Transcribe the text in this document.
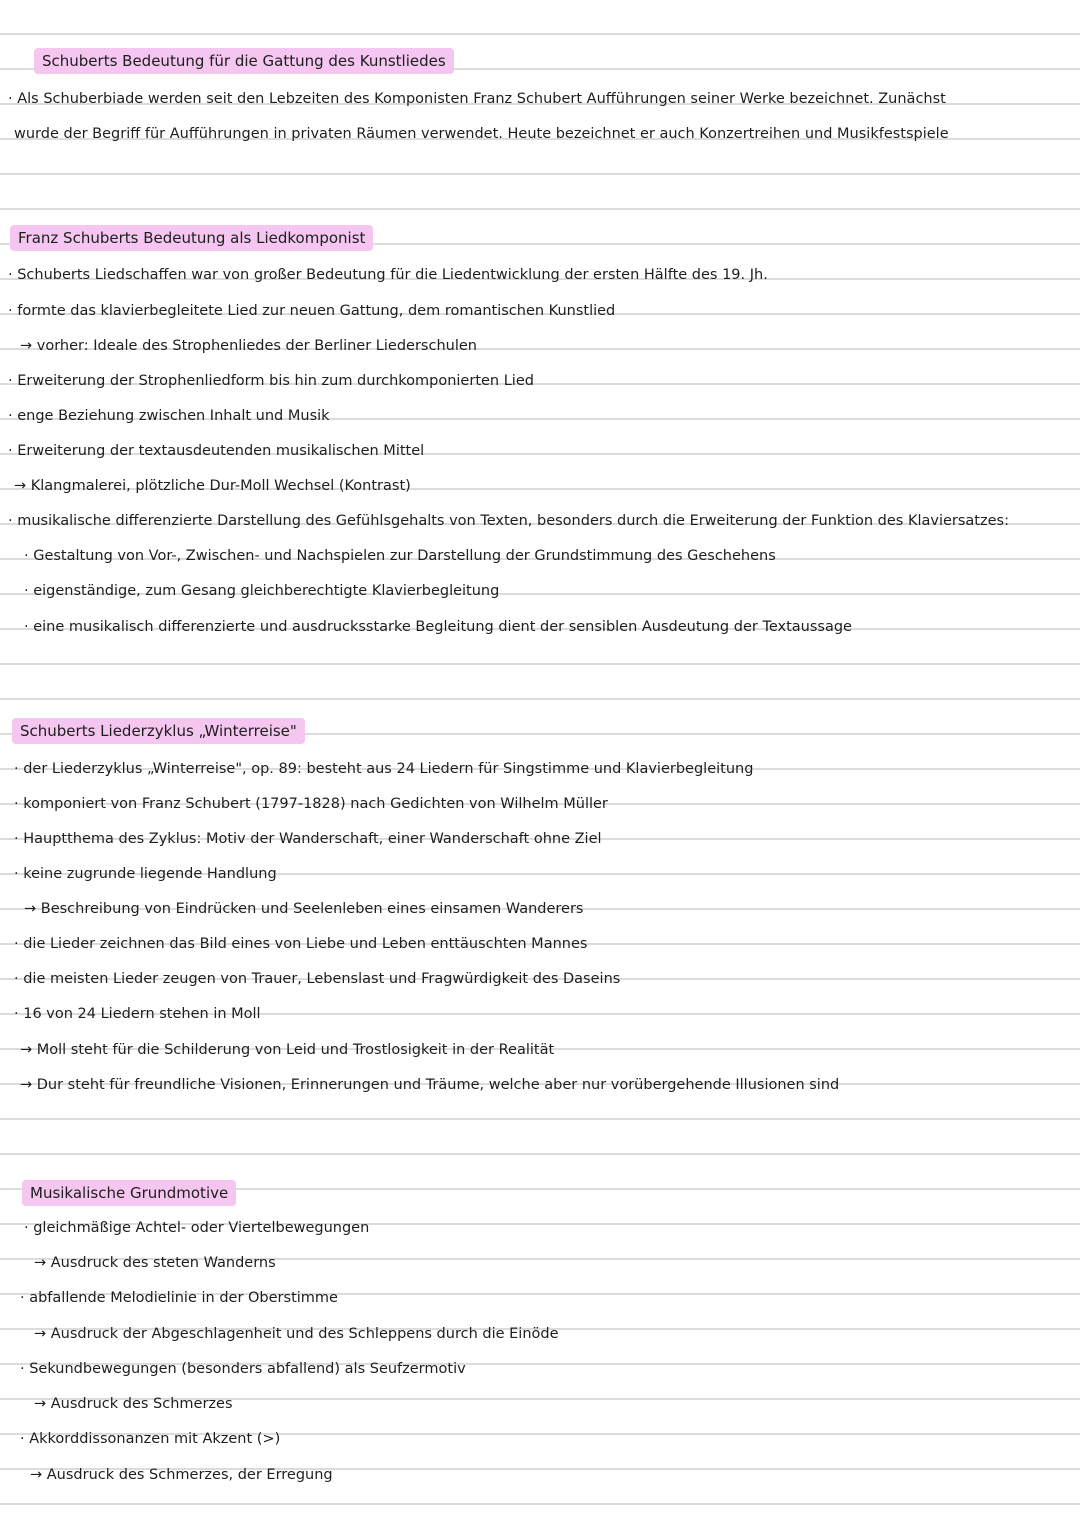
Schuberts Bedeutung für die Gattung des Kunstliedes
· Als Schuberbiade werden seit den Lebzeiten des Komponisten Franz Schubert Aufführungen seiner Werke bezeichnet. Zunächst
wurde der Begriff für Aufführungen in privaten Räumen verwendet. Heute bezeichnet er auch Konzertreihen und Musikfestspiele
Franz Schuberts Bedeutung als Liedkomponist
· Schuberts Liedschaffen war von großer Bedeutung für die Liedentwicklung der ersten Hälfte des 19. Jh.
· formte das klavierbegleitete Lied zur neuen Gattung, dem romantischen Kunstlied
→ vorher: Ideale des Strophenliedes der Berliner Liederschulen
· Erweiterung der Strophenliedform bis hin zum durchkomponierten Lied
· enge Beziehung zwischen Inhalt und Musik
· Erweiterung der textausdeutenden musikalischen Mittel
→ Klangmalerei, plötzliche Dur-Moll Wechsel (Kontrast)
· musikalische differenzierte Darstellung des Gefühlsgehalts von Texten, besonders durch die Erweiterung der Funktion des Klaviersatzes:
· Gestaltung von Vor-, Zwischen- und Nachspielen zur Darstellung der Grundstimmung des Geschehens
· eigenständige, zum Gesang gleichberechtigte Klavierbegleitung
· eine musikalisch differenzierte und ausdrucksstarke Begleitung dient der sensiblen Ausdeutung der Textaussage
Schuberts Liederzyklus „Winterreise"
· der Liederzyklus „Winterreise", op. 89: besteht aus 24 Liedern für Singstimme und Klavierbegleitung
· komponiert von Franz Schubert (1797-1828) nach Gedichten von Wilhelm Müller
· Hauptthema des Zyklus: Motiv der Wanderschaft, einer Wanderschaft ohne Ziel
· keine zugrunde liegende Handlung
→ Beschreibung von Eindrücken und Seelenleben eines einsamen Wanderers
· die Lieder zeichnen das Bild eines von Liebe und Leben enttäuschten Mannes
· die meisten Lieder zeugen von Trauer, Lebenslast und Fragwürdigkeit des Daseins
· 16 von 24 Liedern stehen in Moll
→ Moll steht für die Schilderung von Leid und Trostlosigkeit in der Realität
→ Dur steht für freundliche Visionen, Erinnerungen und Träume, welche aber nur vorübergehende Illusionen sind
Musikalische Grundmotive
· gleichmäßige Achtel- oder Viertelbewegungen
→ Ausdruck des steten Wanderns
· abfallende Melodielinie in der Oberstimme
→ Ausdruck der Abgeschlagenheit und des Schleppens durch die Einöde
· Sekundbewegungen (besonders abfallend) als Seufzermotiv
→ Ausdruck des Schmerzes
· Akkorddissonanzen mit Akzent (>)
→ Ausdruck des Schmerzes, der Erregung
